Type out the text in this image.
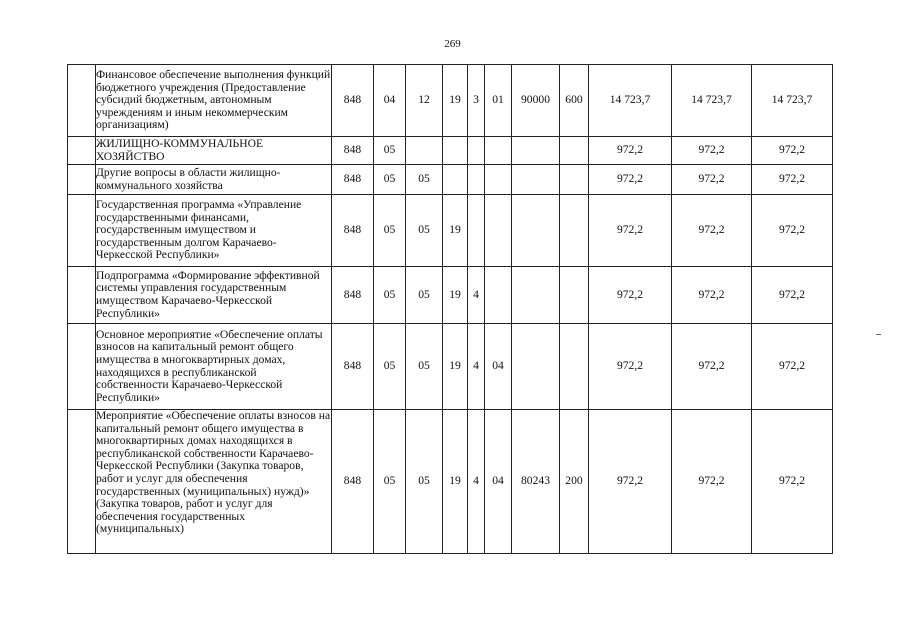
269
	Финансовое обеспечение выполнения функций бюджетного учреждения (Предоставление субсидий бюджетным, автономным учреждениям и иным некоммерческим организациям)	848	04	12	19	3	01	90000	600	14 723,7	14 723,7	14 723,7
	ЖИЛИЩНО-КОММУНАЛЬНОЕ ХОЗЯЙСТВО	848	05							972,2	972,2	972,2
	Другие вопросы в области жилищно-коммунального хозяйства	848	05	05						972,2	972,2	972,2
	Государственная программа «Управление государственными финансами, государственным имуществом и государственным долгом Карачаево-Черкесской Республики»	848	05	05	19					972,2	972,2	972,2
	Подпрограмма «Формирование эффективной системы управления государственным имуществом Карачаево-Черкесской Республики»	848	05	05	19	4				972,2	972,2	972,2
	Основное мероприятие «Обеспечение оплаты взносов на капитальный ремонт общего имущества в многоквартирных домах, находящихся в республиканской собственности Карачаево-Черкесской Республики»	848	05	05	19	4	04			972,2	972,2	972,2

	Мероприятие «Обеспечение оплаты взносов на капитальный ремонт общего имущества в многоквартирных домах находящихся в республиканской собственности Карачаево-Черкесской Республики (Закупка товаров, работ и услуг для обеспечения государственных (муниципальных) нужд)» (Закупка товаров, работ и услуг для обеспечения государственных (муниципальных)	848	05	05	19	4	04	80243	200	972,2	972,2	972,2
